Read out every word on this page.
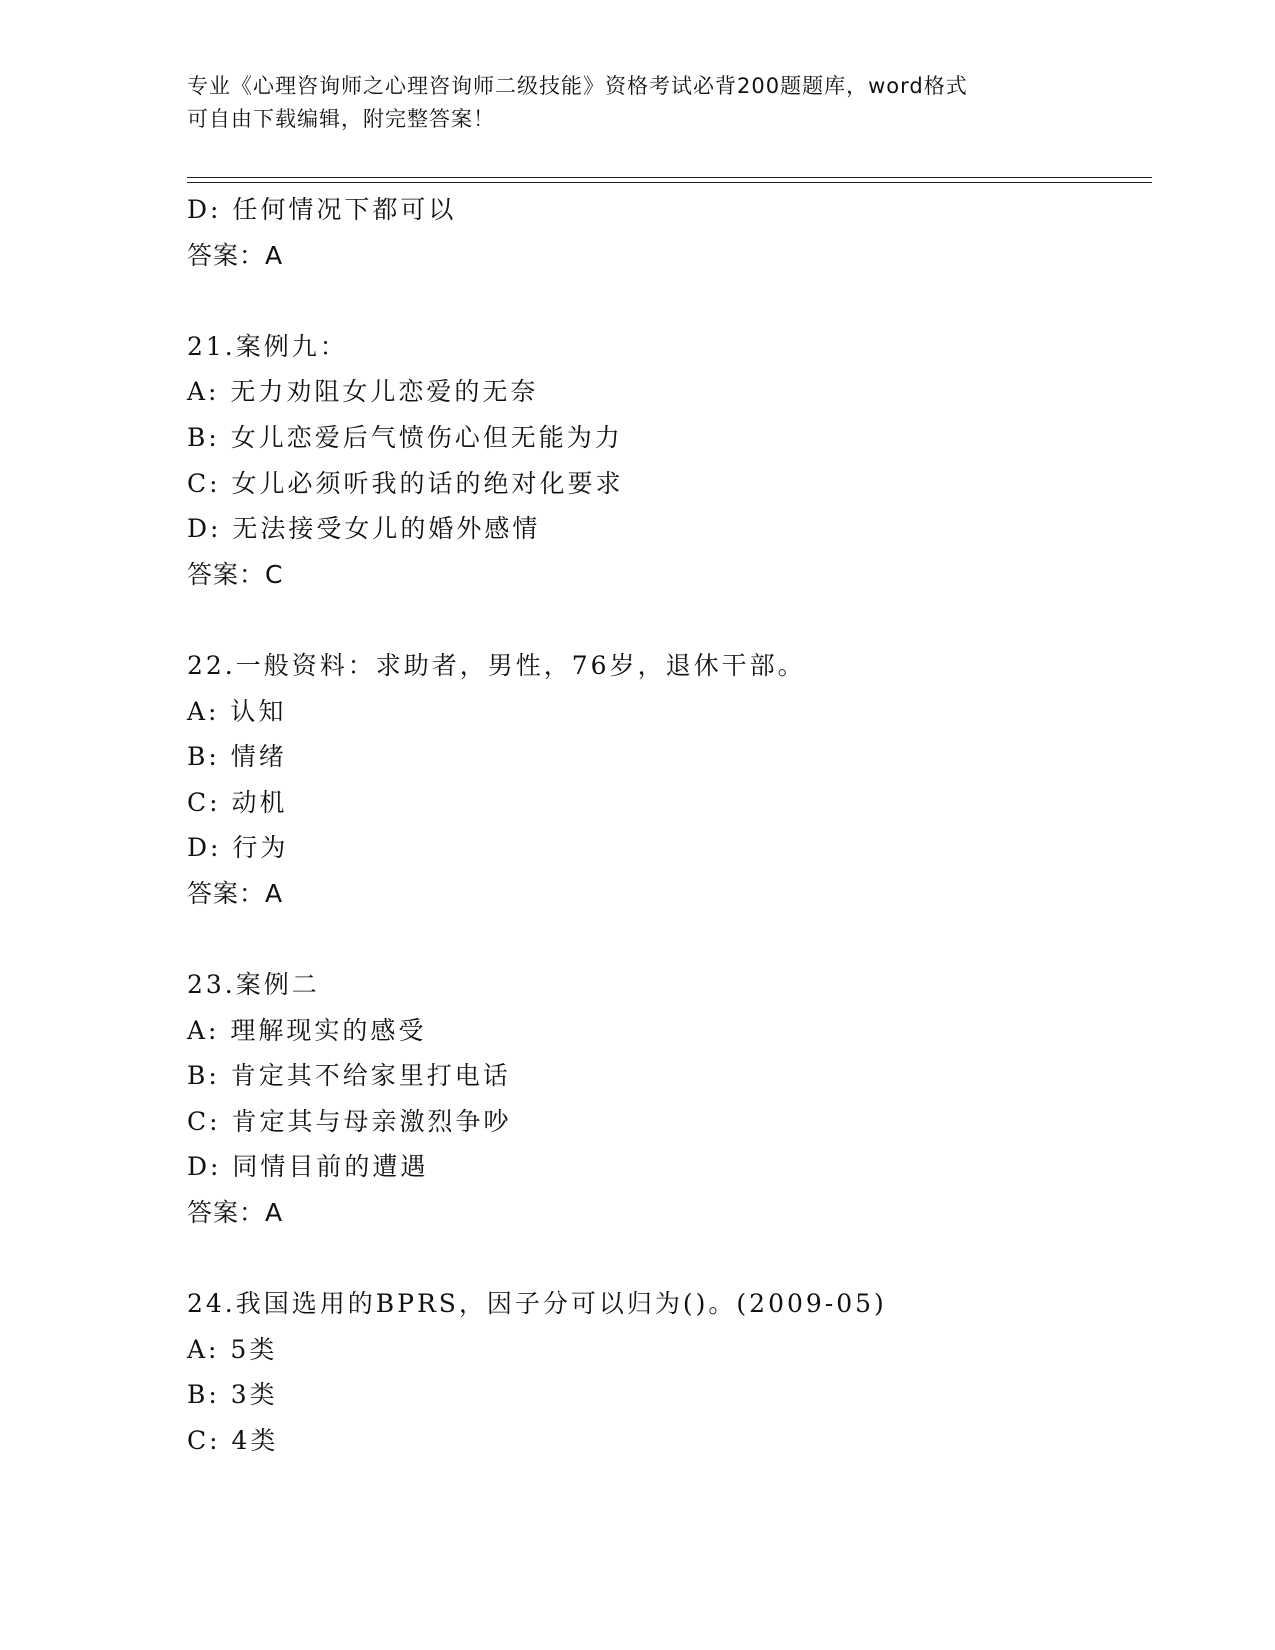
专业《心理咨询师之心理咨询师二级技能》资格考试必背200题题库，word格式
可自由下载编辑，附完整答案！
D: 任何情况下都可以
答案：A
21.案例九：
A: 无力劝阻女儿恋爱的无奈
B: 女儿恋爱后气愤伤心但无能为力
C: 女儿必须听我的话的绝对化要求
D: 无法接受女儿的婚外感情
答案：C
22.一般资料：求助者，男性，76岁，退休干部。
A: 认知
B: 情绪
C: 动机
D: 行为
答案：A
23.案例二
A: 理解现实的感受
B: 肯定其不给家里打电话
C: 肯定其与母亲激烈争吵
D: 同情目前的遭遇
答案：A
24.我国选用的BPRS，因子分可以归为()。(2009-05)
A: 5类
B: 3类
C: 4类
